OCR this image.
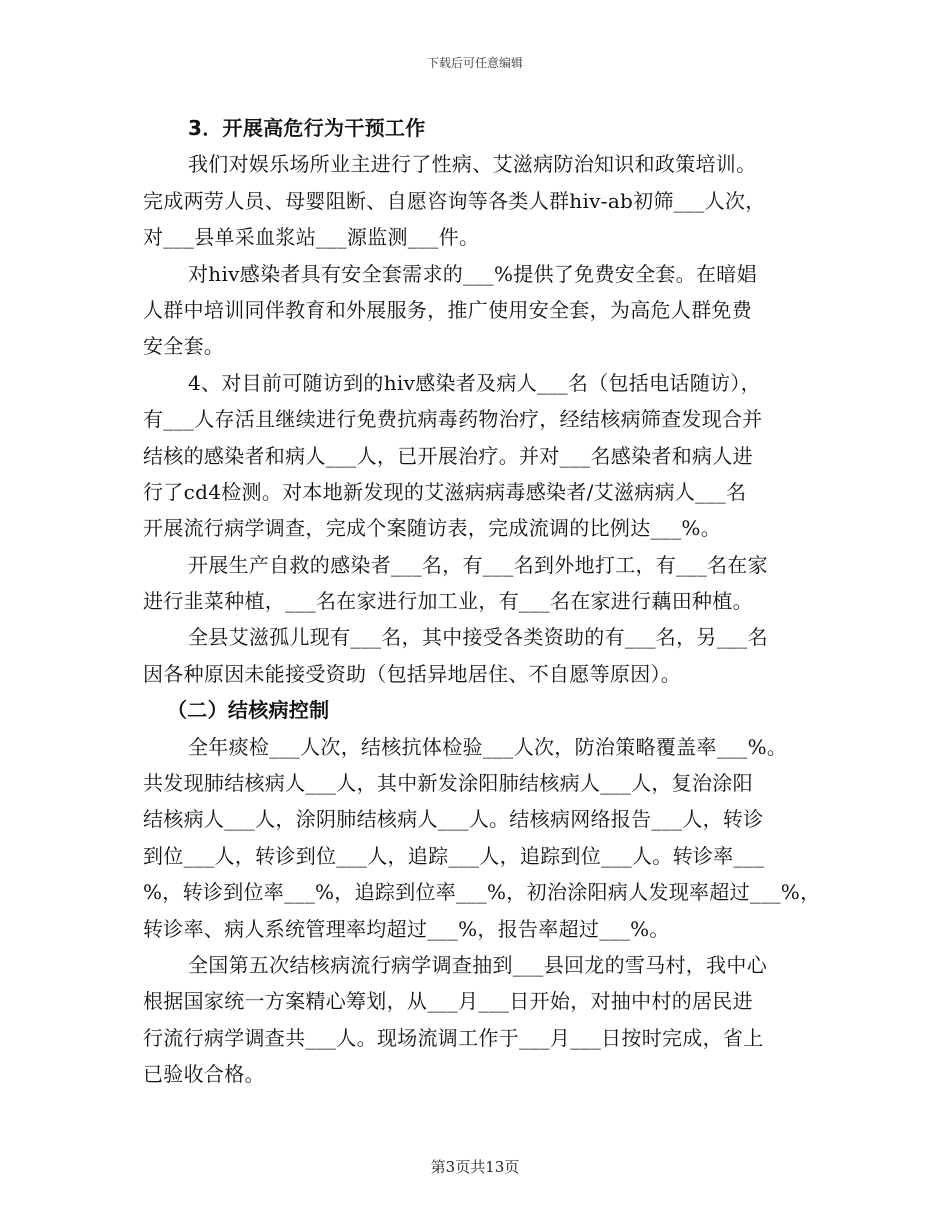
下载后可任意编辑
3．开展高危行为干预工作
我们对娱乐场所业主进行了性病、艾滋病防治知识和政策培训。
完成两劳人员、母婴阻断、自愿咨询等各类人群hiv-ab初筛___人次，
对___县单采血浆站___源监测___件。
对hiv感染者具有安全套需求的___%提供了免费安全套。在暗娼
人群中培训同伴教育和外展服务，推广使用安全套，为高危人群免费
安全套。
4、对目前可随访到的hiv感染者及病人___名（包括电话随访），
有___人存活且继续进行免费抗病毒药物治疗，经结核病筛查发现合并
结核的感染者和病人___人，已开展治疗。并对___名感染者和病人进
行了cd4检测。对本地新发现的艾滋病病毒感染者/艾滋病病人___名
开展流行病学调查，完成个案随访表，完成流调的比例达___%。
开展生产自救的感染者___名，有___名到外地打工，有___名在家
进行韭菜种植，___名在家进行加工业，有___名在家进行藕田种植。
全县艾滋孤儿现有___名，其中接受各类资助的有___名，另___名
因各种原因未能接受资助（包括异地居住、不自愿等原因）。
（二）结核病控制
全年痰检___人次，结核抗体检验___人次，防治策略覆盖率___%。
共发现肺结核病人___人，其中新发涂阳肺结核病人___人，复治涂阳
结核病人___人，涂阴肺结核病人___人。结核病网络报告___人，转诊
到位___人，转诊到位___人，追踪___人，追踪到位___人。转诊率___
%，转诊到位率___%，追踪到位率___%，初治涂阳病人发现率超过___%，
转诊率、病人系统管理率均超过___%，报告率超过___%。
全国第五次结核病流行病学调查抽到___县回龙的雪马村，我中心
根据国家统一方案精心筹划，从___月___日开始，对抽中村的居民进
行流行病学调查共___人。现场流调工作于___月___日按时完成，省上
已验收合格。
第3页共13页
